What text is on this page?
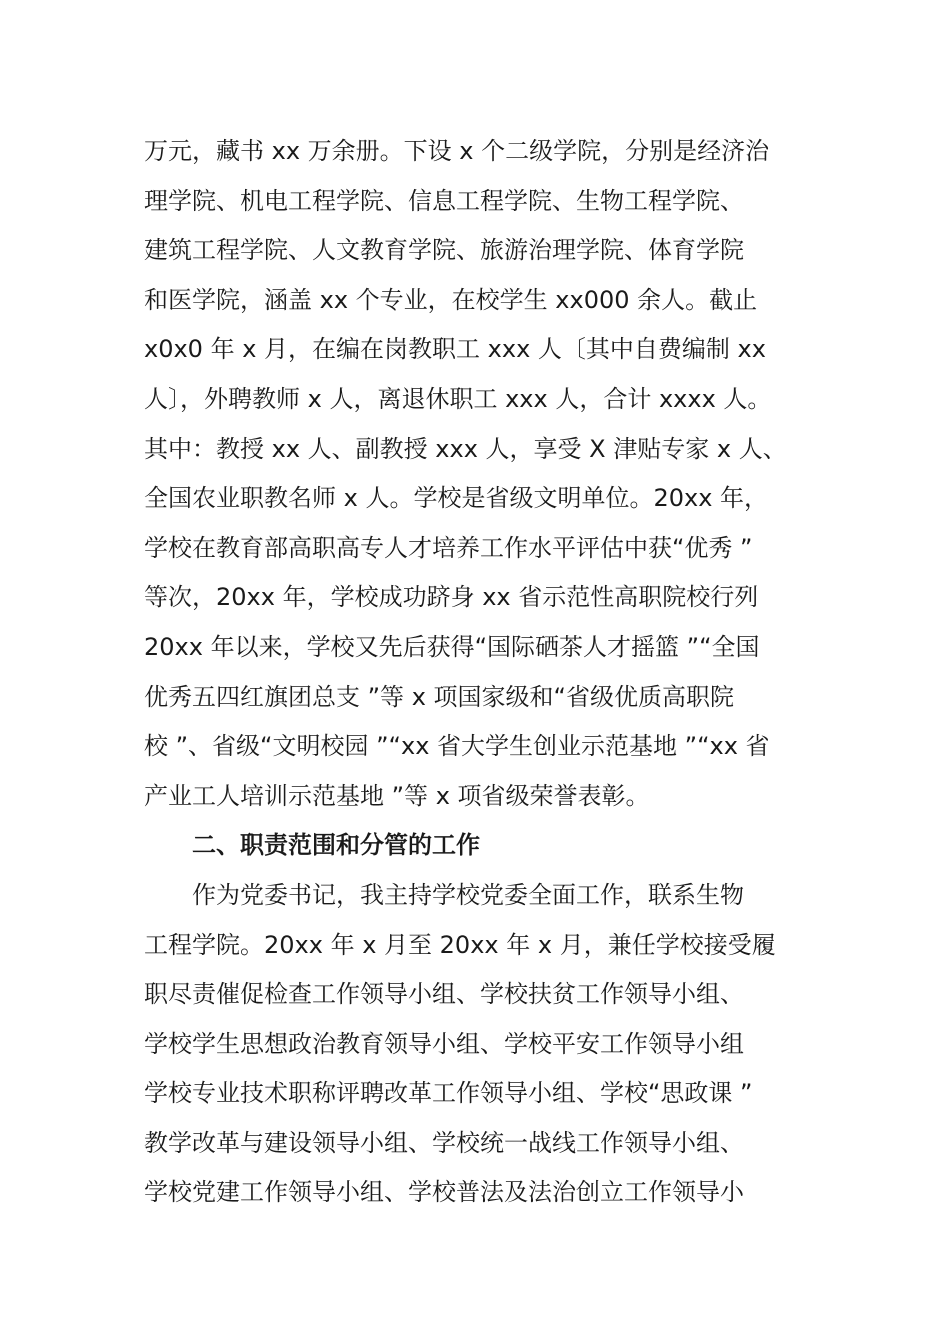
万元，藏书 xx 万余册。下设 x 个二级学院，分别是经济治
理学院、机电工程学院、信息工程学院、生物工程学院、
建筑工程学院、人文教育学院、旅游治理学院、体育学院
和医学院，涵盖 xx 个专业，在校学生 xx000 余人。截止
x0x0 年 x 月，在编在岗教职工 xxx 人〔其中自费编制 xx
人〕，外聘教师 x 人，离退休职工 xxx 人，合计 xxxx 人。
其中：教授 xx 人、副教授 xxx 人，享受 X 津贴专家 x 人、
全国农业职教名师 x 人。学校是省级文明单位。20xx 年，
学校在教育部高职高专人才培养工作水平评估中获“优秀 ”
等次，20xx 年，学校成功跻身 xx 省示范性高职院校行列
20xx 年以来，学校又先后获得“国际硒茶人才摇篮 ”“全国
优秀五四红旗团总支 ”等 x 项国家级和“省级优质高职院
校 ”、省级“文明校园 ”“xx 省大学生创业示范基地 ”“xx 省
产业工人培训示范基地 ”等 x 项省级荣誉表彰。
二、职责范围和分管的工作
作为党委书记，我主持学校党委全面工作，联系生物
工程学院。20xx 年 x 月至 20xx 年 x 月，兼任学校接受履
职尽责催促检查工作领导小组、学校扶贫工作领导小组、
学校学生思想政治教育领导小组、学校平安工作领导小组
学校专业技术职称评聘改革工作领导小组、学校“思政课 ”
教学改革与建设领导小组、学校统一战线工作领导小组、
学校党建工作领导小组、学校普法及法治创立工作领导小
